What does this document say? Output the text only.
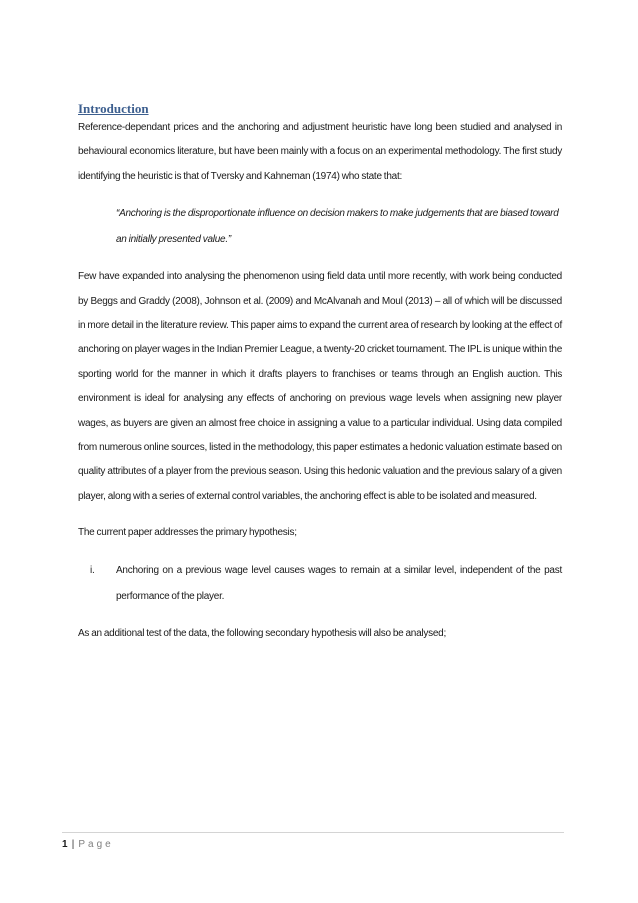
Introduction

Reference-dependant prices and the anchoring and adjustment heuristic have long been studied and analysed in behavioural economics literature, but have been mainly with a focus on an experimental methodology. The first study identifying the heuristic is that of Tversky and Kahneman (1974) who state that:

“Anchoring is the disproportionate influence on decision makers to make judgements that are biased toward an initially presented value.”

Few have expanded into analysing the phenomenon using field data until more recently, with work being conducted by Beggs and Graddy (2008), Johnson et al. (2009) and McAlvanah and Moul (2013) – all of which will be discussed in more detail in the literature review. This paper aims to expand the current area of research by looking at the effect of anchoring on player wages in the Indian Premier League, a twenty-20 cricket tournament. The IPL is unique within the sporting world for the manner in which it drafts players to franchises or teams through an English auction. This environment is ideal for analysing any effects of anchoring on previous wage levels when assigning new player wages, as buyers are given an almost free choice in assigning a value to a particular individual. Using data compiled from numerous online sources, listed in the methodology, this paper estimates a hedonic valuation estimate based on quality attributes of a player from the previous season. Using this hedonic valuation and the previous salary of a given player, along with a series of external control variables, the anchoring effect is able to be isolated and measured.

The current paper addresses the primary hypothesis;

i. Anchoring on a previous wage level causes wages to remain at a similar level, independent of the past performance of the player.

As an additional test of the data, the following secondary hypothesis will also be analysed;

1 | Page
